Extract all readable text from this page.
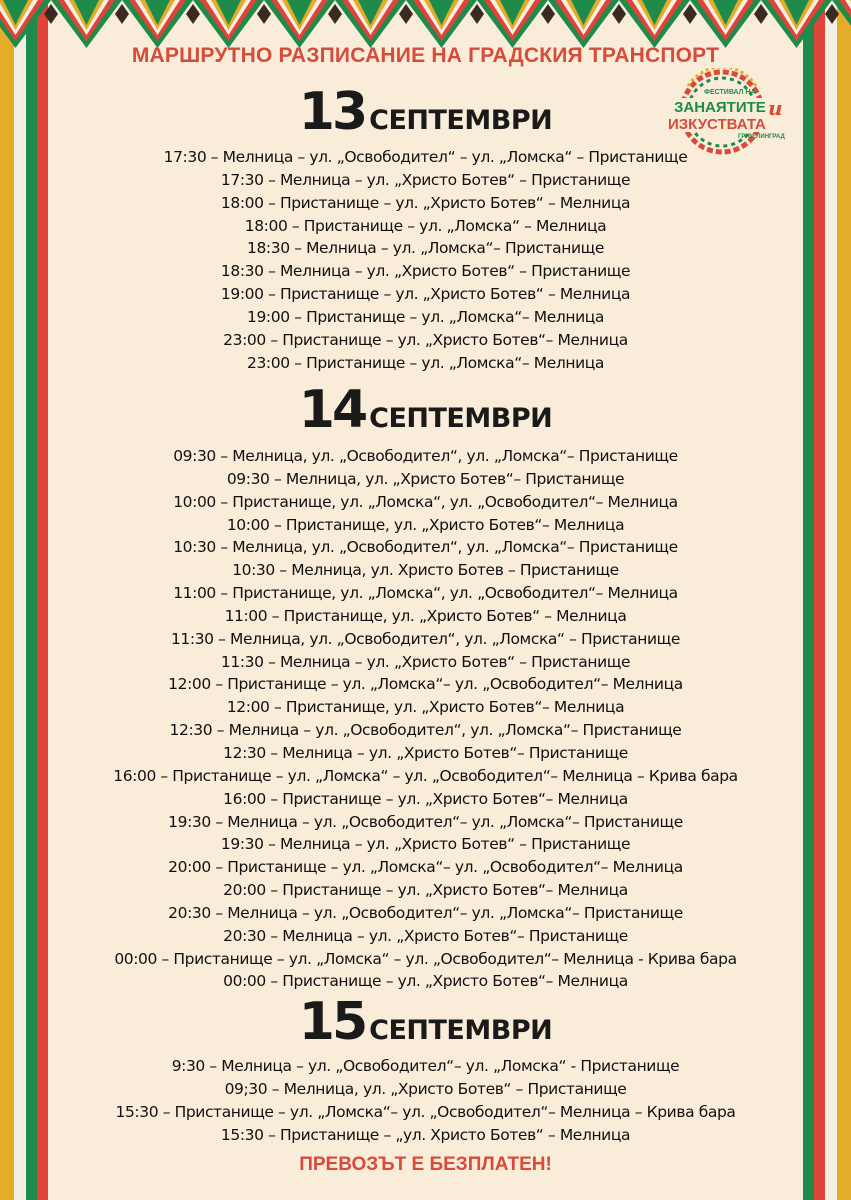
МАРШРУТНО РАЗПИСАНИЕ НА ГРАДСКИЯ ТРАНСПОРТ
ФЕСТИВАЛ НА
ЗАНАЯТИТЕ и
ИЗКУСТВАТА
ГР. ВЕЛИНГРАД
13 СЕПТЕМВРИ
17:30 – Мелница – ул. „Освободител“ – ул. „Ломска“ – Пристанище
17:30 – Мелница – ул. „Христо Ботев“ – Пристанище
18:00 – Пристанище – ул. „Христо Ботев“ – Мелница
18:00 – Пристанище – ул. „Ломска“ – Мелница
18:30 – Мелница – ул. „Ломска“– Пристанище
18:30 – Мелница – ул. „Христо Ботев“ – Пристанище
19:00 – Пристанище – ул. „Христо Ботев“ – Мелница
19:00 – Пристанище – ул. „Ломска“– Мелница
23:00 – Пристанище – ул. „Христо Ботев“– Мелница
23:00 – Пристанище – ул. „Ломска“– Мелница
14 СЕПТЕМВРИ
09:30 – Мелница, ул. „Освободител“, ул. „Ломска“– Пристанище
09:30 – Мелница, ул. „Христо Ботев“– Пристанище
10:00 – Пристанище, ул. „Ломска“, ул. „Освободител“– Мелница
10:00 – Пристанище, ул. „Христо Ботев“– Мелница
10:30 – Мелница, ул. „Освободител“, ул. „Ломска“– Пристанище
10:30 – Мелница, ул. Христо Ботев – Пристанище
11:00 – Пристанище, ул. „Ломска“, ул. „Освободител“– Мелница
11:00 – Пристанище, ул. „Христо Ботев“ – Мелница
11:30 – Мелница, ул. „Освободител“, ул. „Ломска“ – Пристанище
11:30 – Мелница – ул. „Христо Ботев“ – Пристанище
12:00 – Пристанище – ул. „Ломска“– ул. „Освободител“– Мелница
12:00 – Пристанище, ул. „Христо Ботев“– Мелница
12:30 – Мелница – ул. „Освободител“, ул. „Ломска“– Пристанище
12:30 – Мелница – ул. „Христо Ботев“– Пристанище
16:00 – Пристанище – ул. „Ломска“ – ул. „Освободител“– Мелница – Крива бара
16:00 – Пристанище – ул. „Христо Ботев“– Мелница
19:30 – Мелница – ул. „Освободител“– ул. „Ломска“– Пристанище
19:30 – Мелница – ул. „Христо Ботев“ – Пристанище
20:00 – Пристанище – ул. „Ломска“– ул. „Освободител“– Мелница
20:00 – Пристанище – ул. „Христо Ботев“– Мелница
20:30 – Мелница – ул. „Освободител“– ул. „Ломска“– Пристанище
20:30 – Мелница – ул. „Христо Ботев“– Пристанище
00:00 – Пристанище – ул. „Ломска“ – ул. „Освободител“– Мелница - Крива бара
00:00 – Пристанище – ул. „Христо Ботев“– Мелница
15 СЕПТЕМВРИ
9:30 – Мелница – ул. „Освободител“– ул. „Ломска“ - Пристанище
09;30 – Мелница, ул. „Христо Ботев“ – Пристанище
15:30 – Пристанище – ул. „Ломска“– ул. „Освободител“– Мелница – Крива бара
15:30 – Пристанище – „ул. Христо Ботев“ – Мелница
ПРЕВОЗЪТ Е БЕЗПЛАТЕН!
